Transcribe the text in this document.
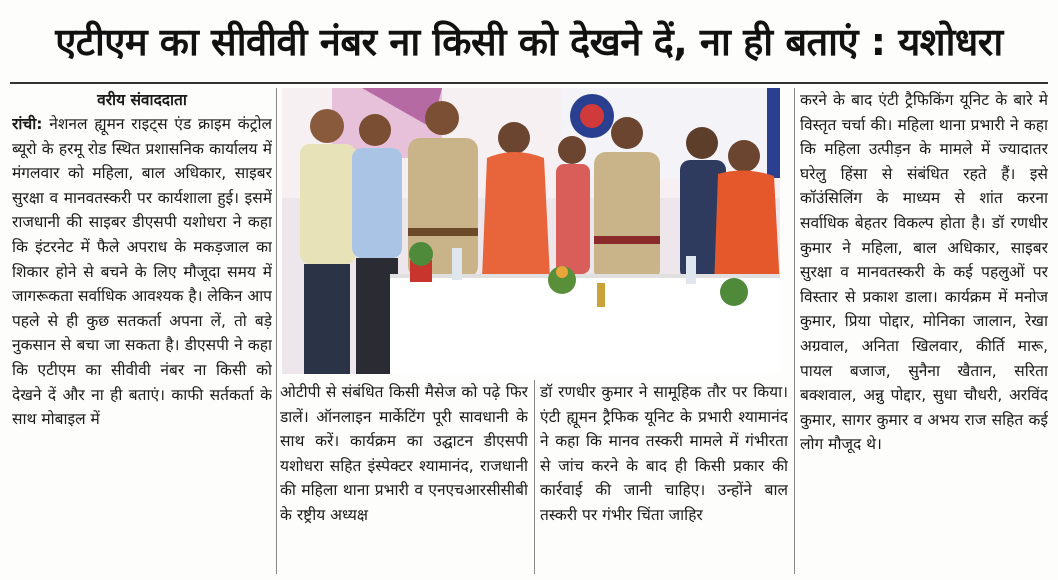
एटीएम का सीवीवी नंबर ना किसी को देखने दें, ना ही बताएं : यशोधरा

वरीय संवाददाता

रांची: नेशनल ह्यूमन राइट्स एंड क्राइम कंट्रोल ब्यूरो के हरमू रोड स्थित प्रशासनिक कार्यालय में मंगलवार को महिला, बाल अधिकार, साइबर सुरक्षा व मानवतस्करी पर कार्यशाला हुई। इसमें राजधानी की साइबर डीएसपी यशोधरा ने कहा कि इंटरनेट में फैले अपराध के मकड़जाल का शिकार होने से बचने के लिए मौजूदा समय में जागरूकता सर्वाधिक आवश्यक है। लेकिन आप पहले से ही कुछ सतकर्ता अपना लें, तो बड़े नुकसान से बचा जा सकता है। डीएसपी ने कहा कि एटीएम का सीवीवी नंबर ना किसी को देखने दें और ना ही बताएं। काफी सर्तकर्ता के साथ मोबाइल में

ओटीपी से संबंधित किसी मैसेज को पढ़े फिर डालें। ऑनलाइन मार्केटिंग पूरी सावधानी के साथ करें। कार्यक्रम का उद्घाटन डीएसपी यशोधरा सहित इंस्पेक्टर श्यामानंद, राजधानी की महिला थाना प्रभारी व एनएचआरसीसीबी के रष्ट्रीय अध्यक्ष

डॉ रणधीर कुमार ने सामूहिक तौर पर किया। एंटी ह्यूमन ट्रैफिक यूनिट के प्रभारी श्यामानंद ने कहा कि मानव तस्करी मामले में गंभीरता से जांच करने के बाद ही किसी प्रकार की कार्रवाई की जानी चाहिए। उन्होंने बाल तस्करी पर गंभीर चिंता जाहिर

करने के बाद एंटी ट्रैफिकिंग यूनिट के बारे मे विस्तृत चर्चा की। महिला थाना प्रभारी ने कहा कि महिला उत्पीड़न के मामले में ज्यादातर घरेलु हिंसा से संबंधित रहते हैं। इसे कॉउंसिलिंग के माध्यम से शांत करना सर्वाधिक बेहतर विकल्प होता है। डॉ रणधीर कुमार ने महिला, बाल अधिकार, साइबर सुरक्षा व मानवतस्करी के कई पहलुओं पर विस्तार से प्रकाश डाला। कार्यक्रम में मनोज कुमार, प्रिया पोद्दार, मोनिका जालान, रेखा अग्रवाल, अनिता खिलवार, कीर्ति मारू, पायल बजाज, सुनैना खैतान, सरिता बक्शवाल, अन्नु पोद्दार, सुधा चौधरी, अरविंद कुमार, सागर कुमार व अभय राज सहित कई लोग मौजूद थे।
